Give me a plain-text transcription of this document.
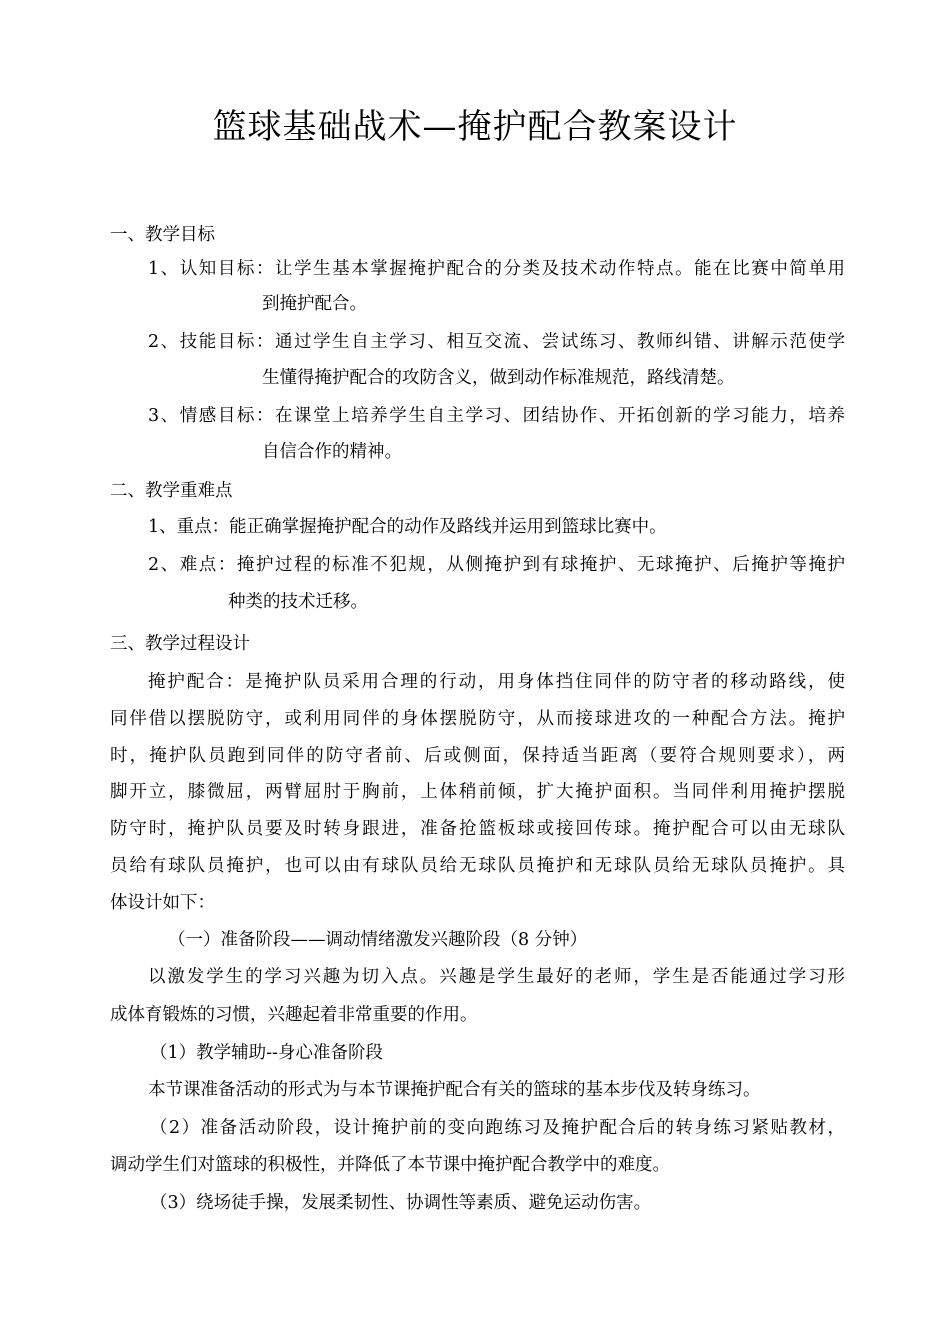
篮球基础战术—掩护配合教案设计
一、教学目标
1、认知目标：让学生基本掌握掩护配合的分类及技术动作特点。能在比赛中简单用
到掩护配合。
2、技能目标：通过学生自主学习、相互交流、尝试练习、教师纠错、讲解示范使学
生懂得掩护配合的攻防含义，做到动作标准规范，路线清楚。
3、情感目标：在课堂上培养学生自主学习、团结协作、开拓创新的学习能力，培养
自信合作的精神。
二、教学重难点
1、重点：能正确掌握掩护配合的动作及路线并运用到篮球比赛中。
2、难点：掩护过程的标准不犯规，从侧掩护到有球掩护、无球掩护、后掩护等掩护
种类的技术迁移。
三、教学过程设计
掩护配合：是掩护队员采用合理的行动，用身体挡住同伴的防守者的移动路线，使
同伴借以摆脱防守，或利用同伴的身体摆脱防守，从而接球进攻的一种配合方法。掩护
时，掩护队员跑到同伴的防守者前、后或侧面，保持适当距离（要符合规则要求），两
脚开立，膝微屈，两臂屈肘于胸前，上体稍前倾，扩大掩护面积。当同伴利用掩护摆脱
防守时，掩护队员要及时转身跟进，准备抢篮板球或接回传球。掩护配合可以由无球队
员给有球队员掩护，也可以由有球队员给无球队员掩护和无球队员给无球队员掩护。具
体设计如下：
（一）准备阶段——调动情绪激发兴趣阶段（8 分钟）
以激发学生的学习兴趣为切入点。兴趣是学生最好的老师，学生是否能通过学习形
成体育锻炼的习惯，兴趣起着非常重要的作用。
（1）教学辅助--身心准备阶段
本节课准备活动的形式为与本节课掩护配合有关的篮球的基本步伐及转身练习。
（2）准备活动阶段，设计掩护前的变向跑练习及掩护配合后的转身练习紧贴教材，
调动学生们对篮球的积极性，并降低了本节课中掩护配合教学中的难度。
（3）绕场徒手操，发展柔韧性、协调性等素质、避免运动伤害。
